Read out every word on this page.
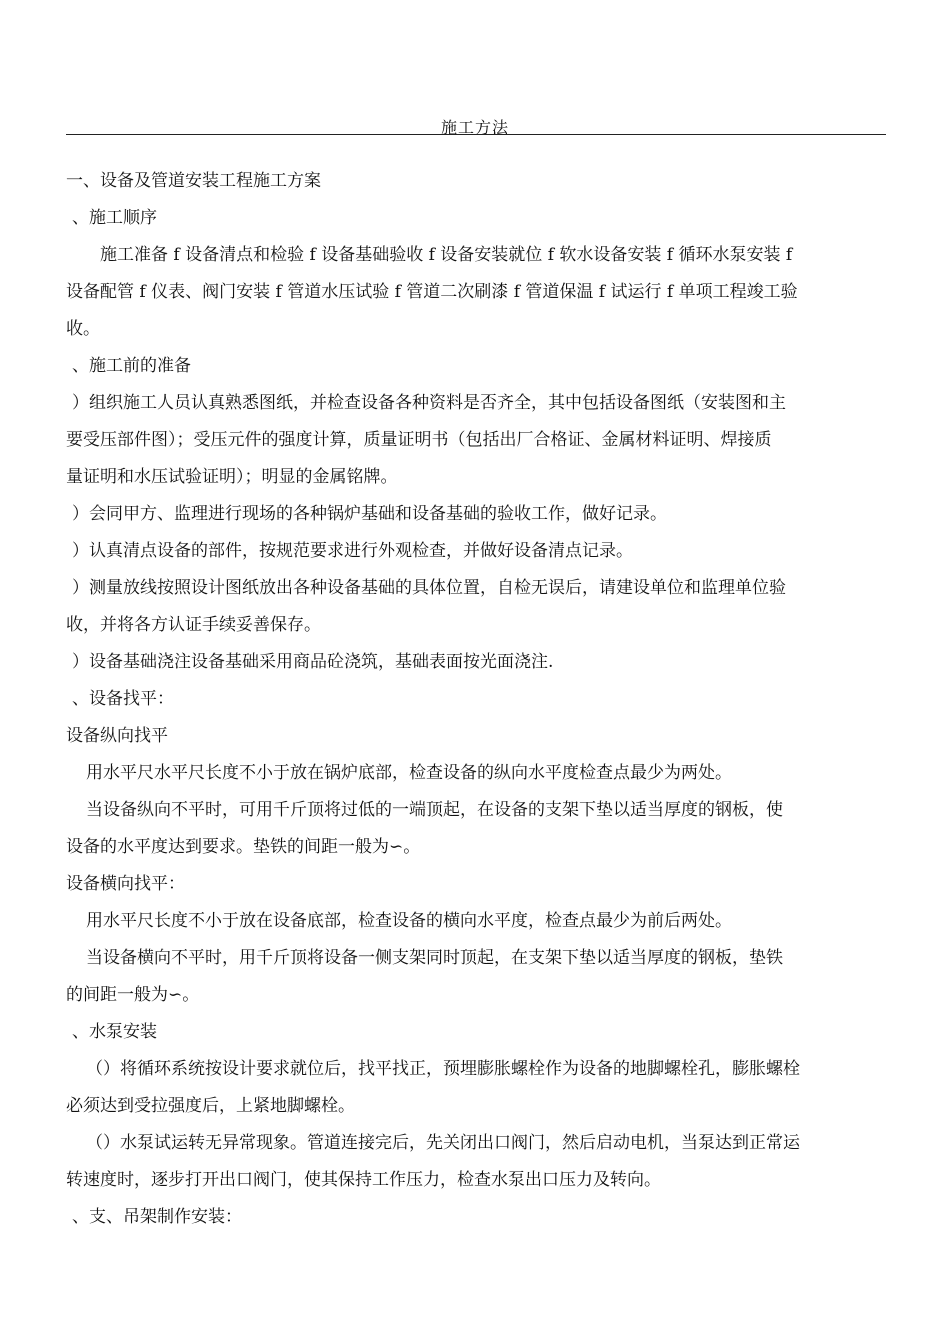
施工方法
一、设备及管道安装工程施工方案
、施工顺序
施工准备 f 设备清点和检验 f 设备基础验收 f 设备安装就位 f 软水设备安装 f 循环水泵安装 f
设备配管 f 仪表、阀门安装 f 管道水压试验 f 管道二次刷漆 f 管道保温 f 试运行 f 单项工程竣工验
收。
、施工前的准备
）组织施工人员认真熟悉图纸，并检查设备各种资料是否齐全，其中包括设备图纸（安装图和主
要受压部件图）；受压元件的强度计算，质量证明书（包括出厂合格证、金属材料证明、焊接质
量证明和水压试验证明）；明显的金属铭牌。
）会同甲方、监理进行现场的各种锅炉基础和设备基础的验收工作，做好记录。
）认真清点设备的部件，按规范要求进行外观检查，并做好设备清点记录。
）测量放线按照设计图纸放出各种设备基础的具体位置，自检无误后，请建设单位和监理单位验
收，并将各方认证手续妥善保存。
）设备基础浇注设备基础采用商品砼浇筑，基础表面按光面浇注.
、设备找平：
设备纵向找平
用水平尺水平尺长度不小于放在锅炉底部，检查设备的纵向水平度检查点最少为两处。
当设备纵向不平时，可用千斤顶将过低的一端顶起，在设备的支架下垫以适当厚度的钢板，使
设备的水平度达到要求。垫铁的间距一般为∽。
设备横向找平：
用水平尺长度不小于放在设备底部，检查设备的横向水平度，检查点最少为前后两处。
当设备横向不平时，用千斤顶将设备一侧支架同时顶起，在支架下垫以适当厚度的钢板，垫铁
的间距一般为∽。
、水泵安装
（）将循环系统按设计要求就位后，找平找正，预埋膨胀螺栓作为设备的地脚螺栓孔，膨胀螺栓
必须达到受拉强度后，上紧地脚螺栓。
（）水泵试运转无异常现象。管道连接完后，先关闭出口阀门，然后启动电机，当泵达到正常运
转速度时，逐步打开出口阀门，使其保持工作压力，检查水泵出口压力及转向。
、支、吊架制作安装：
